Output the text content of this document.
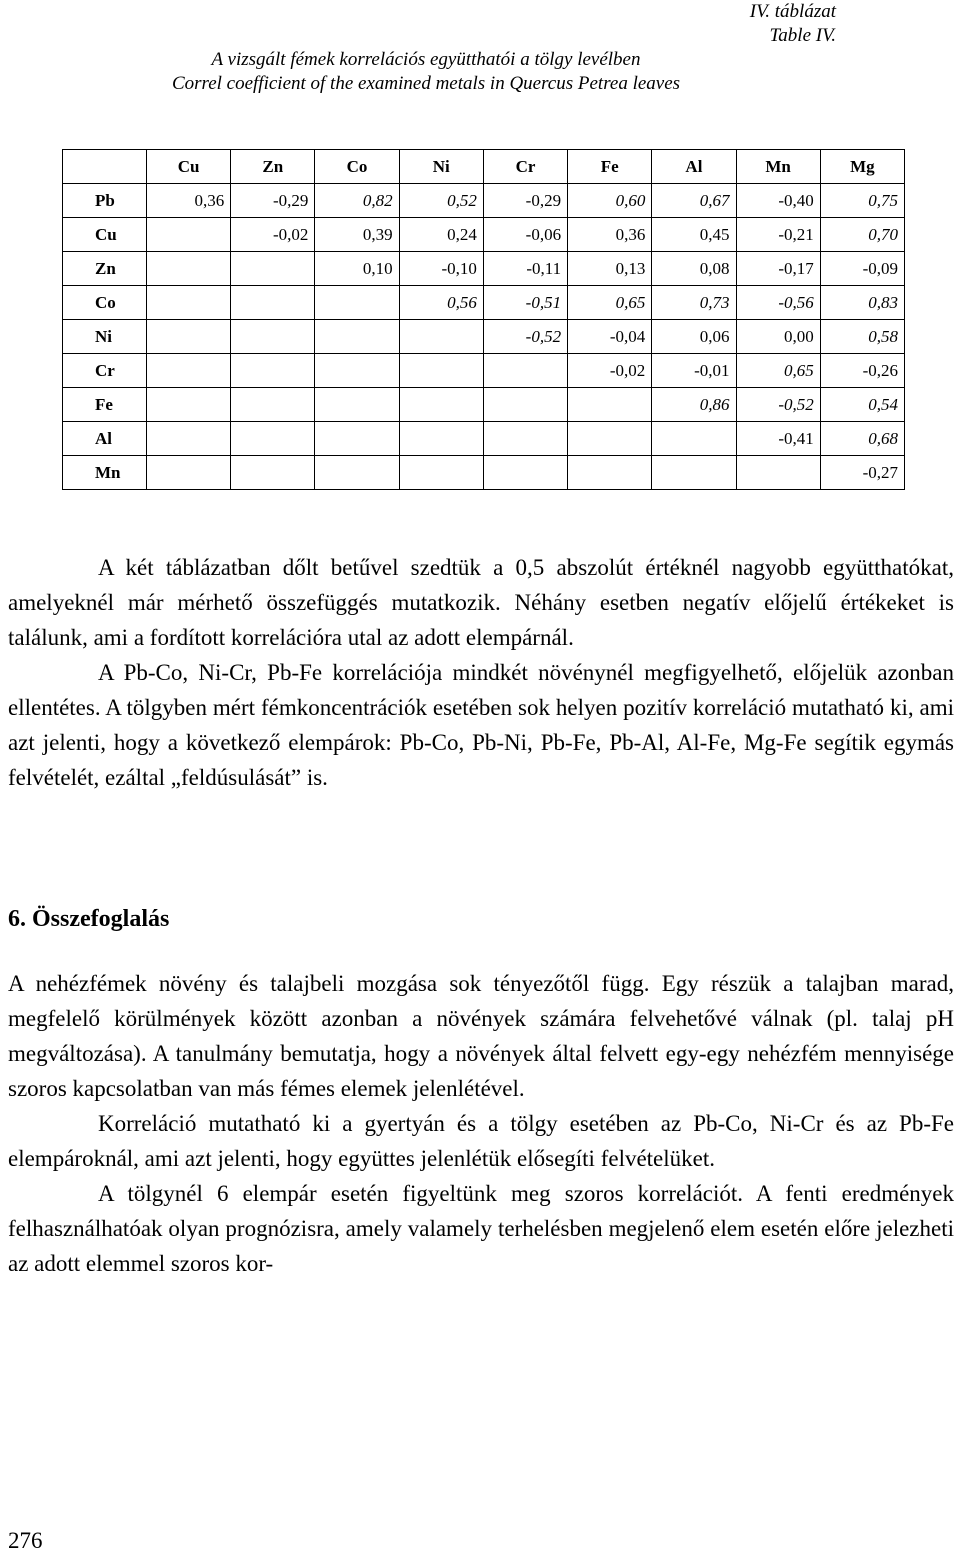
IV. táblázat
Table IV.
A vizsgált fémek korrelációs együtthatói a tölgy levélben
Correl coefficient of the examined metals in Quercus Petrea leaves
	Cu	Zn	Co	Ni	Cr	Fe	Al	Mn	Mg
Pb	0,36	-0,29	0,82	0,52	-0,29	0,60	0,67	-0,40	0,75
Cu		-0,02	0,39	0,24	-0,06	0,36	0,45	-0,21	0,70
Zn			0,10	-0,10	-0,11	0,13	0,08	-0,17	-0,09
Co				0,56	-0,51	0,65	0,73	-0,56	0,83
Ni					-0,52	-0,04	0,06	0,00	0,58
Cr						-0,02	-0,01	0,65	-0,26
Fe							0,86	-0,52	0,54
Al								-0,41	0,68
Mn									-0,27

A két táblázatban dőlt betűvel szedtük a 0,5 abszolút értéknél nagyobb együtthatókat, amelyeknél már mérhető összefüggés mutatkozik. Néhány esetben negatív előjelű értékeket is találunk, ami a fordított korrelációra utal az adott elempárnál.

A Pb-Co, Ni-Cr, Pb-Fe korrelációja mindkét növénynél megfigyelhető, előjelük azonban ellentétes. A tölgyben mért fémkoncentrációk esetében sok helyen pozitív korreláció mutatható ki, ami azt jelenti, hogy a következő elempárok: Pb-Co, Pb-Ni, Pb-Fe, Pb-Al, Al-Fe, Mg-Fe segítik egymás felvételét, ezáltal „feldúsulását” is.

6. Összefoglalás

A nehézfémek növény és talajbeli mozgása sok tényezőtől függ. Egy részük a talajban marad, megfelelő körülmények között azonban a növények számára felvehetővé válnak (pl. talaj pH megváltozása). A tanulmány bemutatja, hogy a növények által felvett egy-egy nehézfém mennyisége szoros kapcsolatban van más fémes elemek jelenlétével.

Korreláció mutatható ki a gyertyán és a tölgy esetében az Pb-Co, Ni-Cr és az Pb-Fe elempároknál, ami azt jelenti, hogy együttes jelenlétük elősegíti felvételüket.

A tölgynél 6 elempár esetén figyeltünk meg szoros korrelációt. A fenti eredmények felhasználhatóak olyan prognózisra, amely valamely terhelésben megjelenő elem esetén előre jelezheti az adott elemmel szoros kor-

276
